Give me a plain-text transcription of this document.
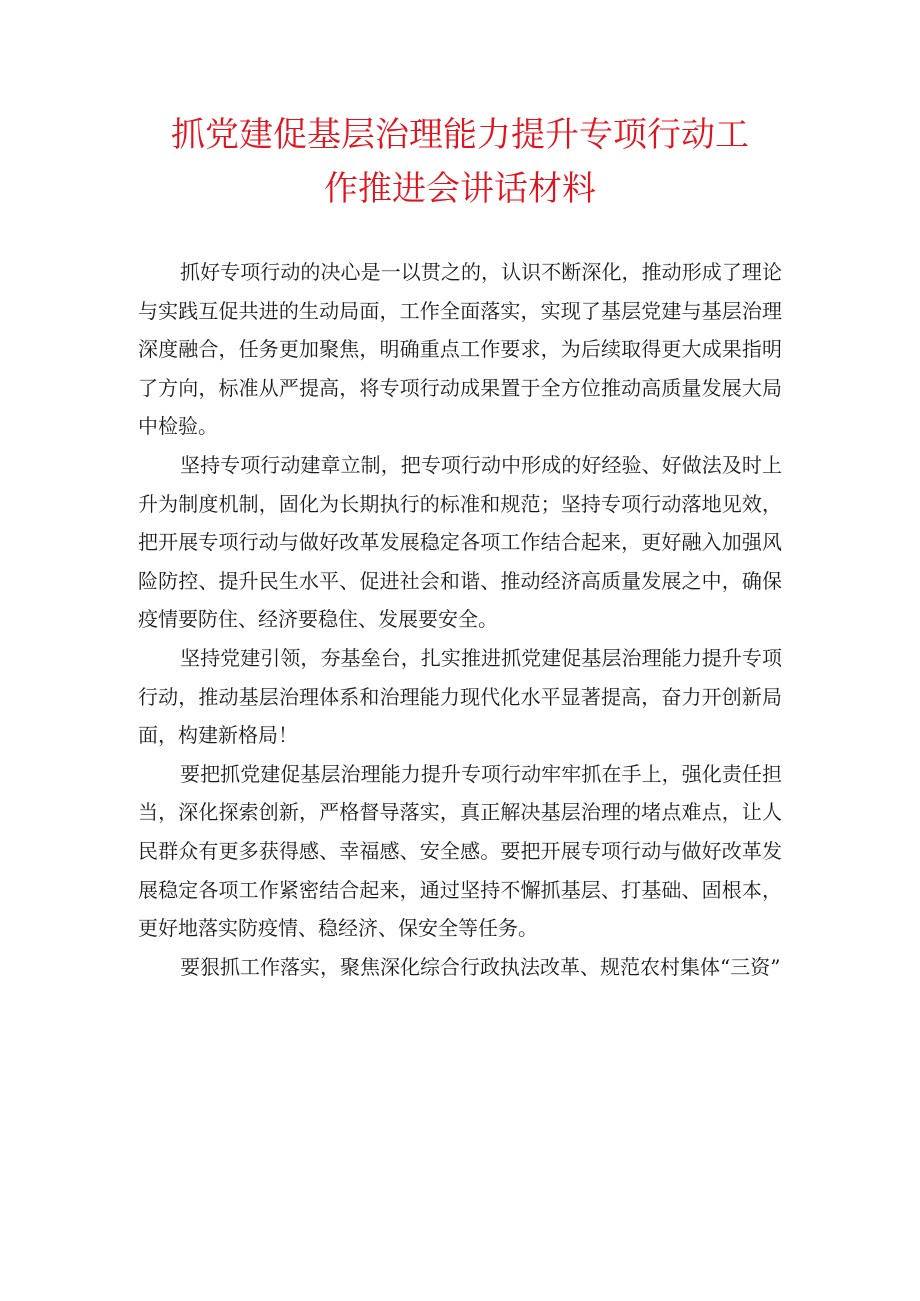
抓党建促基层治理能力提升专项行动工
作推进会讲话材料

抓好专项行动的决心是一以贯之的，认识不断深化，推动形成了理论与实践互促共进的生动局面，工作全面落实，实现了基层党建与基层治理深度融合，任务更加聚焦，明确重点工作要求，为后续取得更大成果指明了方向，标准从严提高，将专项行动成果置于全方位推动高质量发展大局中检验。

坚持专项行动建章立制，把专项行动中形成的好经验、好做法及时上升为制度机制，固化为长期执行的标准和规范；坚持专项行动落地见效，把开展专项行动与做好改革发展稳定各项工作结合起来，更好融入加强风险防控、提升民生水平、促进社会和谐、推动经济高质量发展之中，确保疫情要防住、经济要稳住、发展要安全。

坚持党建引领，夯基垒台，扎实推进抓党建促基层治理能力提升专项行动，推动基层治理体系和治理能力现代化水平显著提高，奋力开创新局面，构建新格局！

要把抓党建促基层治理能力提升专项行动牢牢抓在手上，强化责任担当，深化探索创新，严格督导落实，真正解决基层治理的堵点难点，让人民群众有更多获得感、幸福感、安全感。要把开展专项行动与做好改革发展稳定各项工作紧密结合起来，通过坚持不懈抓基层、打基础、固根本，更好地落实防疫情、稳经济、保安全等任务。

要狠抓工作落实，聚焦深化综合行政执法改革、规范农村集体“三资”
